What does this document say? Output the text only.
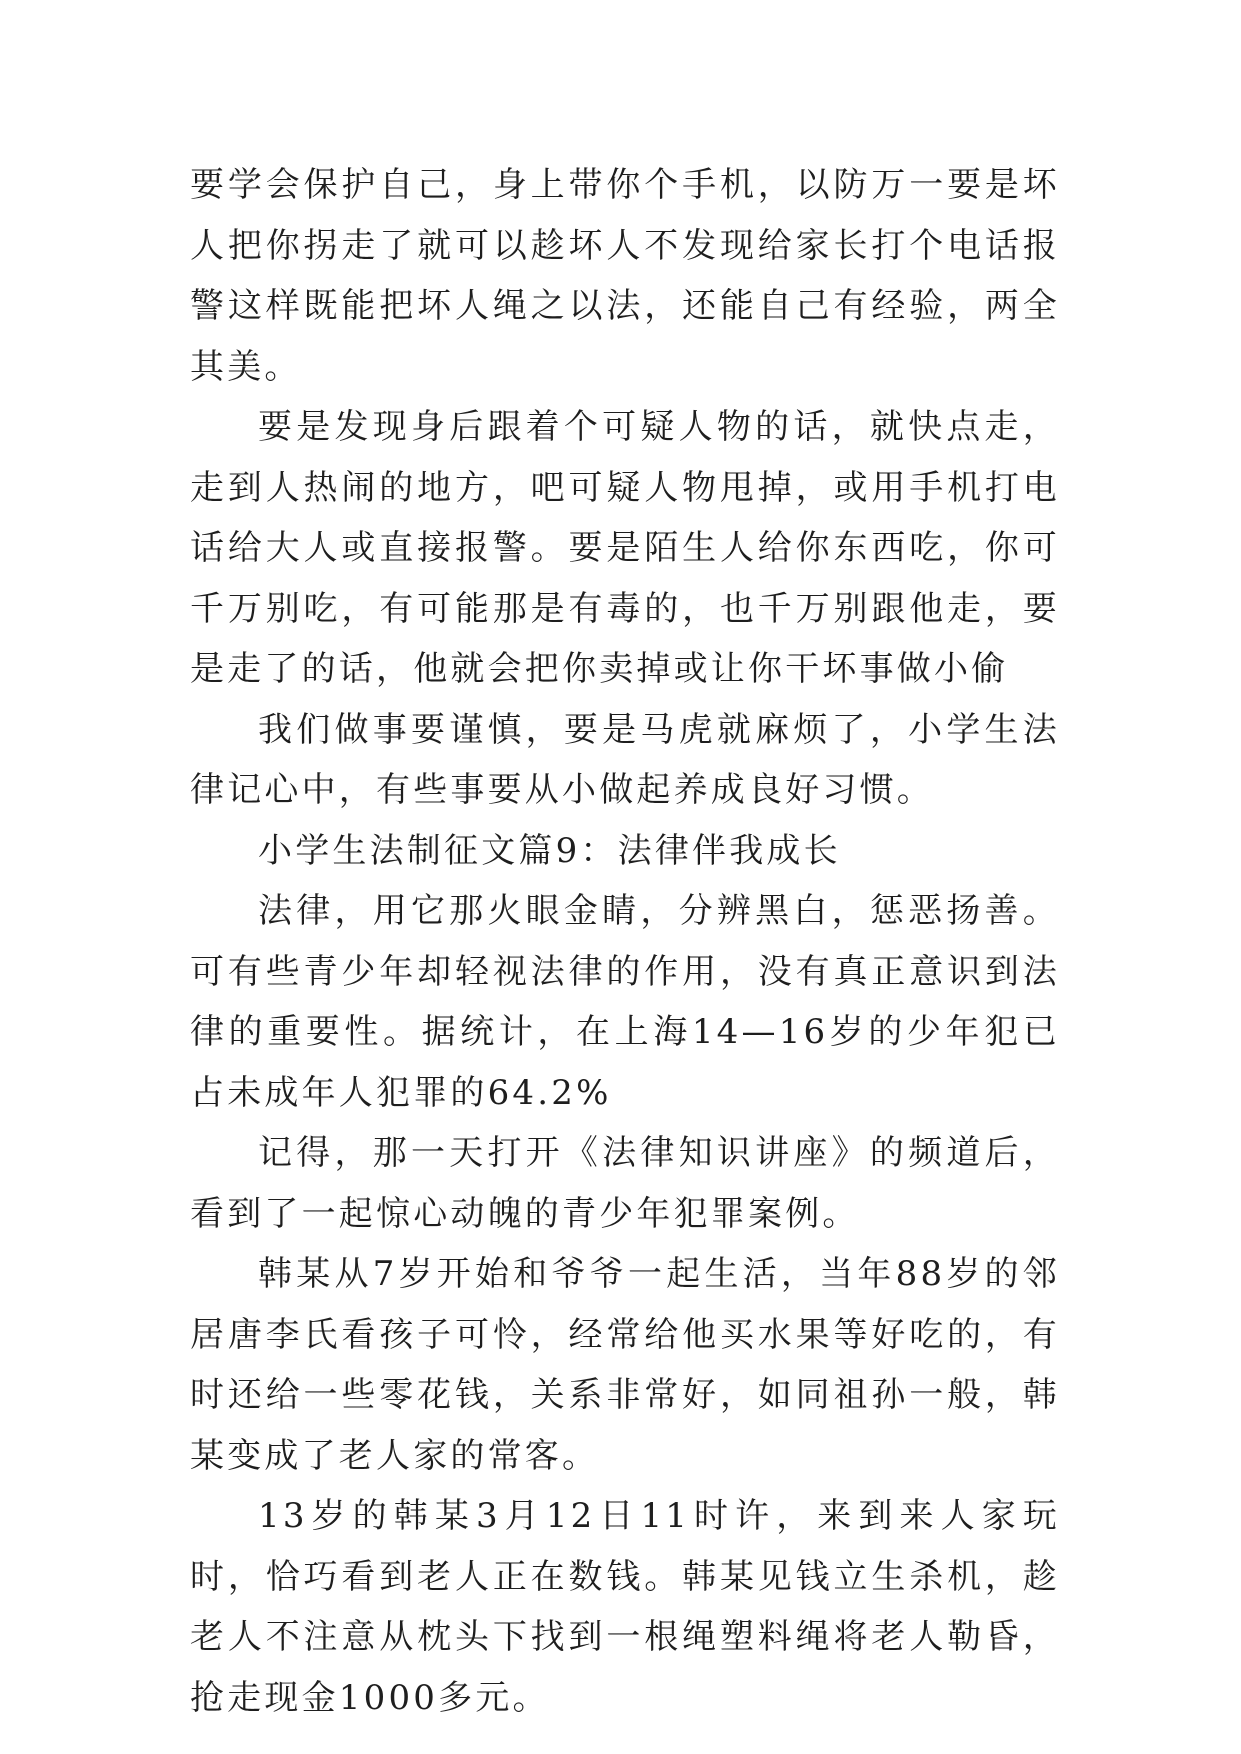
要学会保护自己，身上带你个手机，以防万一要是坏人把你拐走了就可以趁坏人不发现给家长打个电话报警这样既能把坏人绳之以法，还能自己有经验，两全其美。

要是发现身后跟着个可疑人物的话，就快点走，走到人热闹的地方，吧可疑人物甩掉，或用手机打电话给大人或直接报警。要是陌生人给你东西吃，你可千万别吃，有可能那是有毒的，也千万别跟他走，要是走了的话，他就会把你卖掉或让你干坏事做小偷

我们做事要谨慎，要是马虎就麻烦了，小学生法律记心中，有些事要从小做起养成良好习惯。

小学生法制征文篇9：法律伴我成长

法律，用它那火眼金睛，分辨黑白，惩恶扬善。可有些青少年却轻视法律的作用，没有真正意识到法律的重要性。据统计，在上海14—16岁的少年犯已占未成年人犯罪的64.2%

记得，那一天打开《法律知识讲座》的频道后，看到了一起惊心动魄的青少年犯罪案例。

韩某从7岁开始和爷爷一起生活，当年88岁的邻居唐李氏看孩子可怜，经常给他买水果等好吃的，有时还给一些零花钱，关系非常好，如同祖孙一般，韩某变成了老人家的常客。

13岁的韩某3月12日11时许，来到来人家玩时，恰巧看到老人正在数钱。韩某见钱立生杀机，趁老人不注意从枕头下找到一根绳塑料绳将老人勒昏，抢走现金1000多元。
